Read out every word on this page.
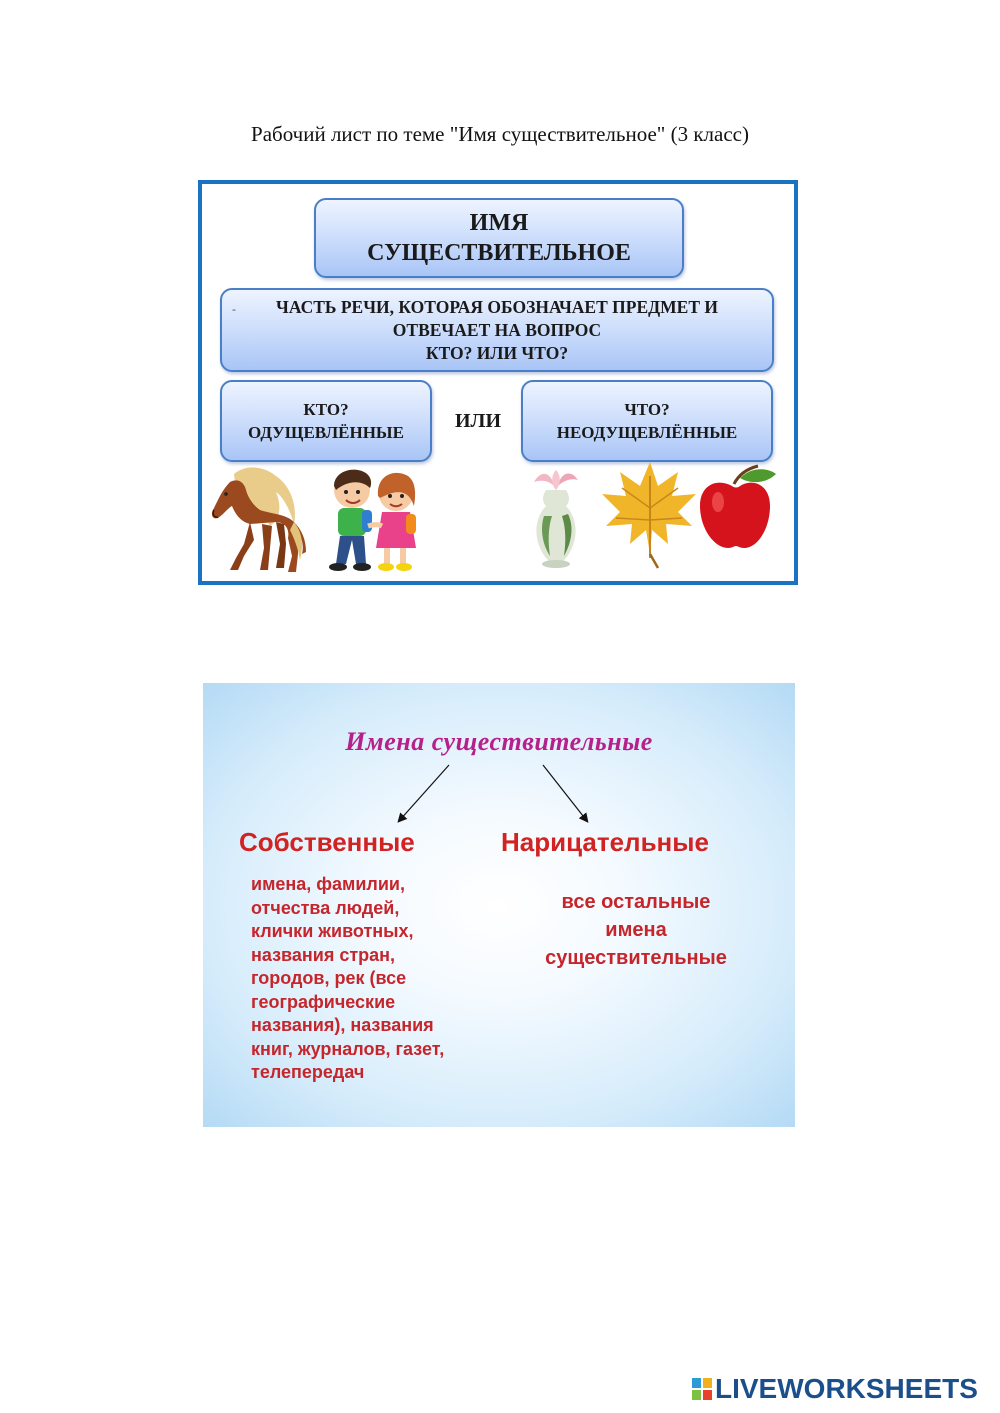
Рабочий лист по теме "Имя существительное" (3 класс)
ИМЯ
СУЩЕСТВИТЕЛЬНОЕ
- ЧАСТЬ РЕЧИ, КОТОРАЯ ОБОЗНАЧАЕТ ПРЕДМЕТ И
ОТВЕЧАЕТ НА ВОПРОС
КТО? ИЛИ ЧТО?
КТО?
ОДУЩЕВЛЁННЫЕ
ИЛИ
ЧТО?
НЕОДУЩЕВЛЁННЫЕ
Имена существительные
Собственные	Нарицательные
имена, фамилии,
отчества людей,
клички животных,
названия стран,
городов, рек (все
географические
названия), названия
книг, журналов, газет,
телепередач
все остальные
имена
существительные
LIVEWORKSHEETS
